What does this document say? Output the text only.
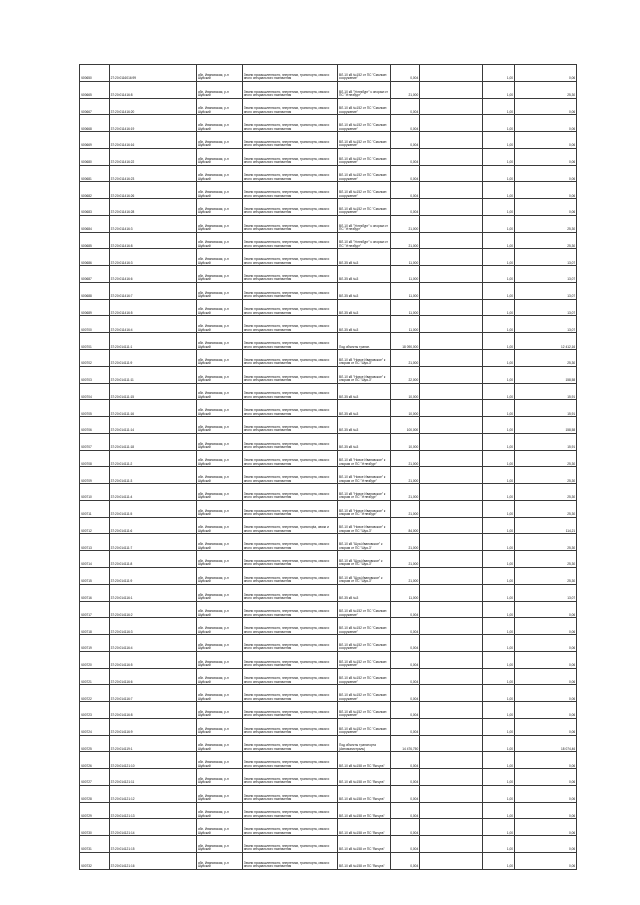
Ч00650	27:20:0116016:99	обл. Ивановская, р-н Шуйский	Земли промышленности, энергетики, транспорта, связи и иного специального назначения	ВЛ-10 кВ №152 от ПС "Смолкин сооружение"	0,004		1,00	0,06
Ч00665	37:20:011416:8	обл. Ивановская, р-н Шуйский	Земли промышленности, энергетики, транспорта, связи и иного специального назначения	ВЛ-10 кВ "Углезбург" к опорам от ПС "Углезбург"	21,000		1,00	25,30
Ч00667	37:20:011416:20	обл. Ивановская, р-н Шуйский	Земли промышленности, энергетики, транспорта, связи и иного специального назначения	ВЛ-10 кВ №152 от ПС "Смолкин сооружение"	0,004		1,00	0,06
Ч00668	37:20:011416:19	обл. Ивановская, р-н Шуйский	Земли промышленности, энергетики, транспорта, связи и иного специального назначения	ВЛ-10 кВ №152 от ПС "Смолкин сооружение"	0,004		1,00	0,06
Ч00669	37:20:011416:16	обл. Ивановская, р-н Шуйский	Земли промышленности, энергетики, транспорта, связи и иного специального назначения	ВЛ-10 кВ №152 от ПС "Смолкин сооружение"	0,004		1,00	0,06
Ч00680	37:20:011416:22	обл. Ивановская, р-н Шуйский	Земли промышленности, энергетики, транспорта, связи и иного специального назначения	ВЛ-10 кВ №152 от ПС "Смолкин сооружение"	0,004		1,00	0,06
Ч00681	37:20:011416:23	обл. Ивановская, р-н Шуйский	Земли промышленности, энергетики, транспорта, связи и иного специального назначения	ВЛ-10 кВ №152 от ПС "Смолкин сооружение"	0,004		1,00	0,06
Ч00682	37:20:011416:26	обл. Ивановская, р-н Шуйский	Земли промышленности, энергетики, транспорта, связи и иного специального назначения	ВЛ-10 кВ №152 от ПС "Смолкин сооружение"	0,004		1,00	0,06
Ч00683	37:20:011416:28	обл. Ивановская, р-н Шуйский	Земли промышленности, энергетики, транспорта, связи и иного специального назначения	ВЛ-10 кВ №152 от ПС "Смолкин сооружение"	0,004		1,00	0,06
Ч00684	37:20:011416:3	обл. Ивановская, р-н Шуйский	Земли промышленности, энергетики, транспорта, связи и иного специального назначения	ВЛ-10 кВ "Углезбург" к опорам от ПС "Углезбург"	21,000		1,00	25,30
Ч00685	37:20:011416:8	обл. Ивановская, р-н Шуйский	Земли промышленности, энергетики, транспорта, связи и иного специального назначения	ВЛ-10 кВ "Углезбург" к опорам от ПС "Углезбург"	21,000		1,00	25,30
Ч00686	37:20:011416:3	обл. Ивановская, р-н Шуйский	Земли промышленности, энергетики, транспорта, связи и иного специального назначения	ВЛ-35 кВ №3	11,000		1,00	13,07
Ч00687	37:20:011416:6	обл. Ивановская, р-н Шуйский	Земли промышленности, энергетики, транспорта, связи и иного специального назначения	ВЛ-35 кВ №3	11,000		1,00	13,07
Ч00688	37:20:011416:7	обл. Ивановская, р-н Шуйский	Земли промышленности, энергетики, транспорта, связи и иного специального назначения	ВЛ-35 кВ №3	11,000		1,00	13,07
Ч00689	37:20:011416:5	обл. Ивановская, р-н Шуйский	Земли промышленности, энергетики, транспорта, связи и иного специального назначения	ВЛ-35 кВ №3	11,000		1,00	13,07
Ч00700	37:20:011416:4	обл. Ивановская, р-н Шуйский	Земли промышленности, энергетики, транспорта, связи и иного специального назначения	ВЛ-35 кВ №3	11,000		1,00	13,07
Ч00701	37:20:014111:1	обл. Ивановская, р-н Шуйский	Земли промышленности, энергетики, транспорта, связи и иного специального назначения	Под объекты трансп.	18 090,000		1,00	12 412,16
Ч00702	37:20:014111:9	обл. Ивановская, р-н Шуйский	Земли промышленности, энергетики, транспорта, связи и иного специального назначения	ВЛ-10 кВ "Новое Ивановское" к опорам от ПС "Шуя-3"	21,000		1,00	25,30
Ч00703	37:20:014111:11	обл. Ивановская, р-н Шуйский	Земли промышленности, энергетики, транспорта, связи и иного специального назначения	ВЛ-10 кВ "Новое Ивановское" к опорам от ПС "Шуя-3"	22,000		1,00	158,58
Ч00704	37:20:014111:15	обл. Ивановская, р-н Шуйский	Земли промышленности, энергетики, транспорта, связи и иного специального назначения	ВЛ-35 кВ №3	10,000		1,00	15,91
Ч00705	37:20:014111:16	обл. Ивановская, р-н Шуйский	Земли промышленности, энергетики, транспорта, связи и иного специального назначения	ВЛ-35 кВ №3	10,000		1,00	15,91
Ч00706	37:20:014111:14	обл. Ивановская, р-н Шуйский	Земли промышленности, энергетики, транспорта, связи и иного специального назначения	ВЛ-35 кВ №3	100,000		1,00	158,58
Ч00707	37:20:014111:18	обл. Ивановская, р-н Шуйский	Земли промышленности, энергетики, транспорта, связи и иного специального назначения	ВЛ-35 кВ №3	10,000		1,00	15,91
Ч00708	37:20:014111:2	обл. Ивановская, р-н Шуйский	Земли промышленности, энергетики, транспорта, связи и иного специального назначения	ВЛ-10 кВ "Новое Ивановское" к опорам от ПС "Углезбург"	21,000		1,00	25,30
Ч00709	37:20:014111:3	обл. Ивановская, р-н Шуйский	Земли промышленности, энергетики, транспорта, связи и иного специального назначения	ВЛ-10 кВ "Новое Ивановское" к опорам от ПС "Углезбург"	21,000		1,00	25,30
Ч00710	37:20:014111:4	обл. Ивановская, р-н Шуйский	Земли промышленности, энергетики, транспорта, связи и иного специального назначения	ВЛ-10 кВ "Новое Ивановское" к опорам от ПС "Углезбург"	21,000		1,00	25,30
Ч00711	37:20:014111:5	обл. Ивановская, р-н Шуйский	Земли промышленности, энергетики, транспорта, связи и иного специального назначения	ВЛ-10 кВ "Новое Ивановское" к опорам от ПС "Углезбург"	21,000		1,00	25,30
Ч00712	37:20:014111:6	обл. Ивановская, р-н Шуйский	Земли промышленности, энергетики, транспорta, связи и иного специального назначения	ВЛ-10 кВ "Новое Ивановское" к опорам от ПС "Шуя-3"	84,000		1,00	114,21
Ч00713	37:20:014111:7	обл. Ивановская, р-н Шуйский	Земли промышленности, энергетики, транспорта, связи и иного специального назначения	ВЛ-10 кВ "Шуя-Ивановское" к опорам от ПС "Шуя-3"	21,000		1,00	25,30
Ч00714	37:20:014111:8	обл. Ивановская, р-н Шуйский	Земли промышленности, энергетики, транспорта, связи и иного специального назначения	ВЛ-10 кВ "Шуя-Ивановское" к опорам от ПС "Шуя-3"	21,000		1,00	25,30
Ч00715	37:20:014111:9	обл. Ивановская, р-н Шуйский	Земли промышленности, энергетики, транспорта, связи и иного специального назначения	ВЛ-10 кВ "Шуя-Ивановское" к опорам от ПС "Шуя-3"	21,000		1,00	25,30
Ч00716	37:20:014116:1	обл. Ивановская, р-н Шуйский	Земли промышленности, энергетики, транспорта, связи и иного специального назначения	ВЛ-35 кВ №3	11,000		1,00	13,07
Ч00717	37:20:014116:2	обл. Ивановская, р-н Шуйский	Земли промышленности, энергетики, транспорта, связи и иного специального назначения	ВЛ-10 кВ №152 от ПС "Смолкин сооружение"	0,004		1,00	0,06
Ч00718	37:20:014116:3	обл. Ивановская, р-н Шуйский	Земли промышленности, энергетики, транспорта, связи и иного специального назначения	ВЛ-10 кВ №152 от ПС "Смолкин сооружение"	0,004		1,00	0,06
Ч00719	37:20:014116:4	обл. Ивановская, р-н Шуйский	Земли промышленности, энергетики, транспорта, связи и иного специального назначения	ВЛ-10 кВ №152 от ПС "Смолкин сооружение"	0,004		1,00	0,06
Ч00720	37:20:014116:5	обл. Ивановская, р-н Шуйский	Земли промышленности, энергетики, транспорта, связи и иного специального назначения	ВЛ-10 кВ №152 от ПС "Смолкин сооружение"	0,004		1,00	0,06
Ч00721	37:20:014116:6	обл. Ивановская, р-н Шуйский	Земли промышленности, энергетики, транспорта, связи и иного специального назначения	ВЛ-10 кВ №152 от ПС "Смолкин сооружение"	0,004		1,00	0,06
Ч00722	37:20:014116:7	обл. Ивановская, р-н Шуйский	Земли промышленности, энергетики, транспорта, связи и иного специального назначения	ВЛ-10 кВ №152 от ПС "Смолкин сооружение"	0,004		1,00	0,06
Ч00723	37:20:014116:8	обл. Ивановская, р-н Шуйский	Земли промышленности, энергетики, транспорта, связи и иного специального назначения	ВЛ-10 кВ №152 от ПС "Смолкин сооружение"	0,004		1,00	0,06
Ч00724	37:20:014116:9	обл. Ивановская, р-н Шуйский	Земли промышленности, энергетики, транспорта, связи и иного специального назначения	ВЛ-10 кВ №152 от ПС "Смолкин сооружение"	0,004		1,00	0,06
Ч00725	37:20:014119:1	обл. Ивановская, р-н Шуйский	Земли промышленности, энергетики, транспорта, связи и иного специального назначения	Под объекты транспорта (Автомагистраль)	14 476,750		1,00	18 074,46
Ч00726	37:20:014121:10	обл. Ивановская, р-н Шуйский	Земли промышленности, энергетики, транспорта, связи и иного специального назначения	ВЛ-10 кВ №158 от ПС "Вичуга"	0,004		1,00	0,06
Ч00727	37:20:014121:11	обл. Ивановская, р-н Шуйский	Земли промышленности, энергетики, транспорта, связи и иного специального назначения	ВЛ-10 кВ №158 от ПС "Вичуга"	0,004		1,00	0,06
Ч00728	37:20:014121:12	обл. Ивановская, р-н Шуйский	Земли промышленности, энергетики, транспорта, связи и иного специального назначения	ВЛ-10 кВ №158 от ПС "Вичуга"	0,004		1,00	0,06
Ч00729	37:20:014121:13	обл. Ивановская, р-н Шуйский	Земли промышленности, энергетики, транспорта, связи и иного специального назначения	ВЛ-10 кВ №158 от ПС "Вичуга"	0,004		1,00	0,06
Ч00730	37:20:014121:14	обл. Ивановская, р-н Шуйский	Земли промышленности, энергетики, транспорта, связи и иного специального назначения	ВЛ-10 кВ №158 от ПС "Вичуга"	0,004		1,00	0,06
Ч00731	37:20:014121:15	обл. Ивановская, р-н Шуйский	Земли промышленности, энергетики, транспорта, связи и иного специального назначения	ВЛ-10 кВ №158 от ПС "Вичуга"	0,004		1,00	0,06
Ч00732	37:20:014121:16	обл. Ивановская, р-н Шуйский	Земли промышленности, энергетики, транспорта, связи и иного специального назначения	ВЛ-10 кВ №158 от ПС "Вичуга"	0,004		1,00	0,06
